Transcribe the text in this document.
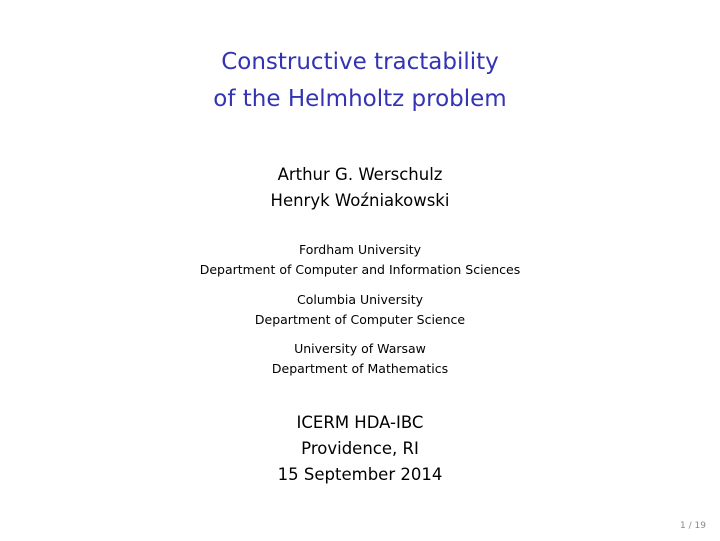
Constructive tractability
of the Helmholtz problem
Arthur G. Werschulz
Henryk Woźniakowski
Fordham University
Department of Computer and Information Sciences
Columbia University
Department of Computer Science
University of Warsaw
Department of Mathematics
ICERM HDA-IBC
Providence, RI
15 September 2014
1 / 19
